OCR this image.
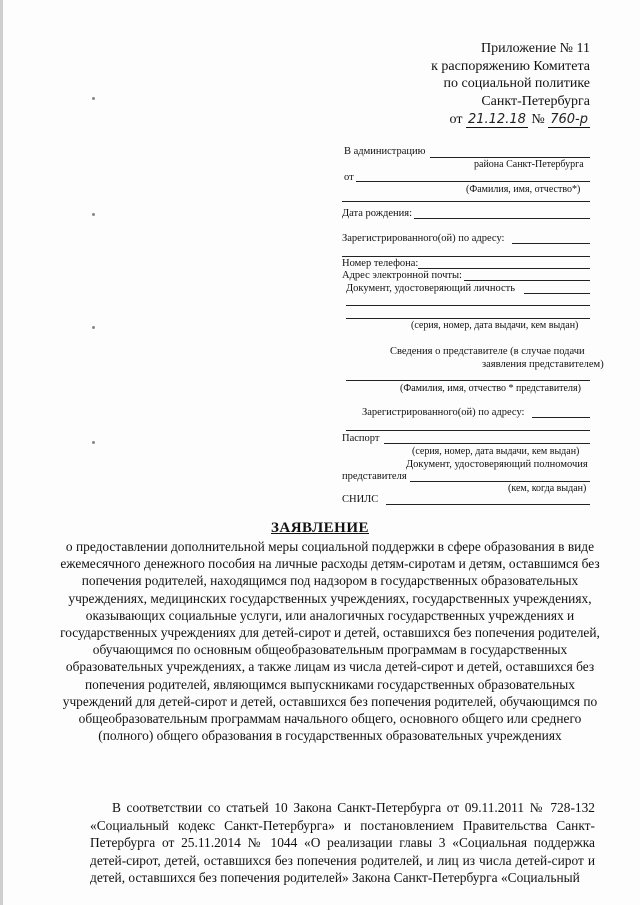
Приложение № 11
к распоряжению Комитета
по социальной политике
Санкт-Петербурга
от 21.12.18 № 760-р
В администрацию
района Санкт-Петербурга
от
(Фамилия, имя, отчество*)
Дата рождения:
Зарегистрированного(ой) по адресу:
Номер телефона:
Адрес электронной почты:
Документ, удостоверяющий личность
(серия, номер, дата выдачи, кем выдан)
Сведения о представителе (в случае подачи
заявления представителем)
(Фамилия, имя, отчество * представителя)
Зарегистрированного(ой) по адресу:
Паспорт
(серия, номер, дата выдачи, кем выдан)
Документ, удостоверяющий полномочия
представителя
(кем, когда выдан)
СНИЛС
ЗАЯВЛЕНИЕ
о предоставлении дополнительной меры социальной поддержки в сфере образования в виде ежемесячного денежного пособия на личные расходы детям-сиротам и детям, оставшимся без попечения родителей, находящимся под надзором в государственных образовательных учреждениях, медицинских государственных учреждениях, государственных учреждениях, оказывающих социальные услуги, или аналогичных государственных учреждениях и государственных учреждениях для детей-сирот и детей, оставшихся без попечения родителей, обучающимся по основным общеобразовательным программам в государственных образовательных учреждениях, а также лицам из числа детей-сирот и детей, оставшихся без попечения родителей, являющимся выпускниками государственных образовательных учреждений для детей-сирот и детей, оставшихся без попечения родителей, обучающимся по общеобразовательным программам начального общего, основного общего или среднего (полного) общего образования в государственных образовательных учреждениях
В соответствии со статьей 10 Закона Санкт-Петербурга от 09.11.2011 № 728-132 «Социальный кодекс Санкт-Петербурга» и постановлением Правительства Санкт-Петербурга от 25.11.2014 № 1044 «О реализации главы 3 «Социальная поддержка детей-сирот, детей, оставшихся без попечения родителей, и лиц из числа детей-сирот и детей, оставшихся без попечения родителей» Закона Санкт-Петербурга «Социальный
